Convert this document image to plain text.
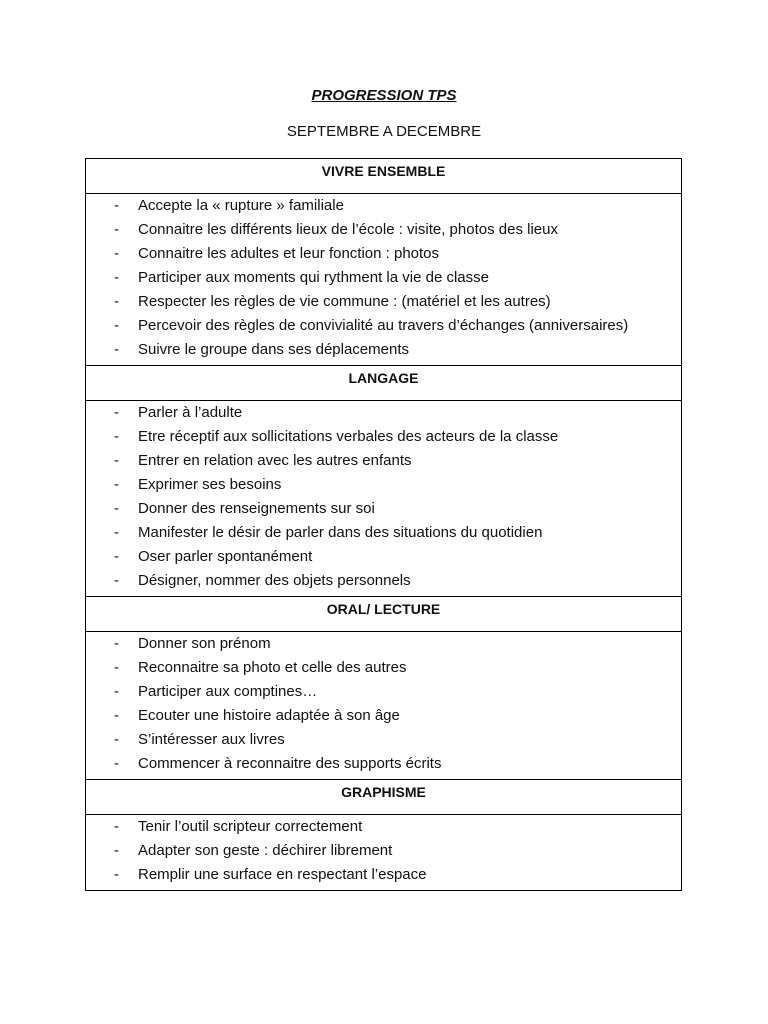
PROGRESSION TPS
SEPTEMBRE A DECEMBRE
VIVRE ENSEMBLE
- Accepte la « rupture » familiale
- Connaitre les différents lieux de l’école : visite, photos des lieux
- Connaitre les adultes et leur fonction : photos
- Participer aux moments qui rythment la vie de classe
- Respecter les règles de vie commune : (matériel et les autres)
- Percevoir des règles de convivialité au travers d’échanges (anniversaires)
- Suivre le groupe dans ses déplacements
LANGAGE
- Parler à l’adulte
- Etre réceptif aux sollicitations verbales des acteurs de la classe
- Entrer en relation avec les autres enfants
- Exprimer ses besoins
- Donner des renseignements sur soi
- Manifester le désir de parler dans des situations du quotidien
- Oser parler spontanément
- Désigner, nommer des objets personnels
ORAL/ LECTURE
- Donner son prénom
- Reconnaitre sa photo et celle des autres
- Participer aux comptines…
- Ecouter une histoire adaptée à son âge
- S’intéresser aux livres
- Commencer à reconnaitre des supports écrits
GRAPHISME
- Tenir l’outil scripteur correctement
- Adapter son geste : déchirer librement
- Remplir une surface en respectant l’espace
